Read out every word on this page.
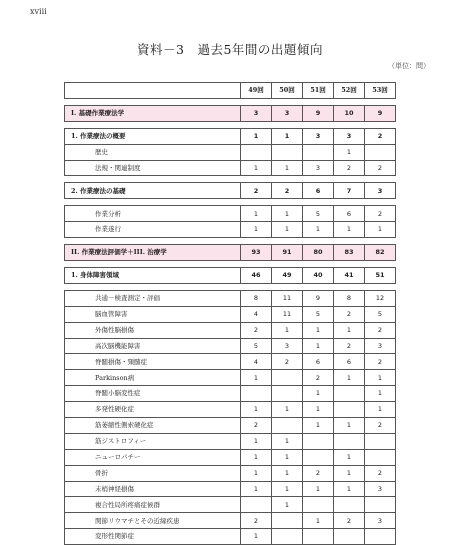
xviii
資料－3　過去5年間の出題傾向
（単位：問）
	49回	50回	51回	52回	53回

I. 基礎作業療法学	3	3	9	10	9

1. 作業療法の概要	1	1	3	3	2
歴史				1	
法規・関連制度	1	1	3	2	2

2. 作業療法の基礎	2	2	6	7	3

作業分析	1	1	5	6	2
作業遂行	1	1	1	1	1

II. 作業療法評価学＋III. 治療学	93	91	80	83	82

1. 身体障害領域	46	49	40	41	51

共通－検査測定・評価	8	11	9	8	12
脳血管障害	4	11	5	2	5
外傷性脳損傷	2	1	1	1	2
高次脳機能障害	5	3	1	2	3
脊髄損傷・頸髄症	4	2	6	6	2
Parkinson病	1		2	1	1
脊髄小脳変性症			1		1
多発性硬化症	1	1	1		1
筋萎縮性側索硬化症	2		1	1	2
筋ジストロフィー	1	1			
ニューロパチー	1	1		1	
骨折	1	1	2	1	2
末梢神経損傷	1	1	1	1	3
複合性局所疼痛症候群		1			
関節リウマチとその近縁疾患	2		1	2	3
変形性関節症	1				
